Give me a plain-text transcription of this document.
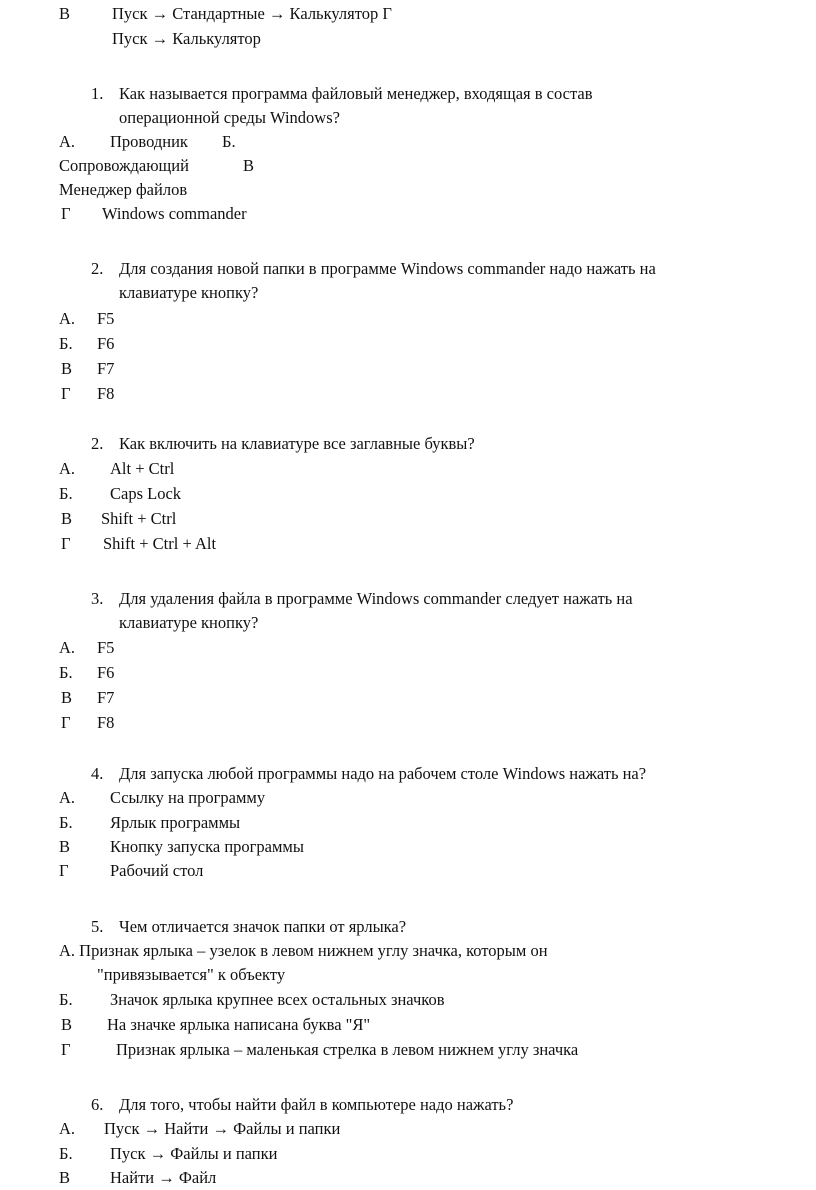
В	Пуск → Стандартные → Калькулятор Г
Пуск → Калькулятор
1. Как называется программа файловый менеджер, входящая в состав
операционной среды Windows?
А. Проводник Б.
Сопровождающий	В
Менеджер файлов
Г Windows commander
2. Для создания новой папки в программе Windows commander надо нажать на
клавиатуре кнопку?
А. F5
Б. F6
В F7
Г F8
2. Как включить на клавиатуре все заглавные буквы?
А. Alt + Ctrl
Б. Caps Lock
В Shift + Ctrl
Г Shift + Ctrl + Alt
3. Для удаления файла в программе Windows commander следует нажать на
клавиатуре кнопку?
А. F5
Б. F6
В F7
Г F8
4. Для запуска любой программы надо на рабочем столе Windows нажать на?
А. Ссылку на программу
Б. Ярлык программы
В Кнопку запуска программы
Г	Рабочий стол
5. Чем отличается значок папки от ярлыка?
А. Признак ярлыка – узелок в левом нижнем углу значка, которым он
"привязывается" к объекту
Б. Значок ярлыка крупнее всех остальных значков
В На значке ярлыка написана буква "Я"
Г	Признак ярлыка – маленькая стрелка в левом нижнем углу значка
6. Для того, чтобы найти файл в компьютере надо нажать?
А. Пуск → Найти → Файлы и папки
Б. Пуск → Файлы и папки
В Найти → Файл
